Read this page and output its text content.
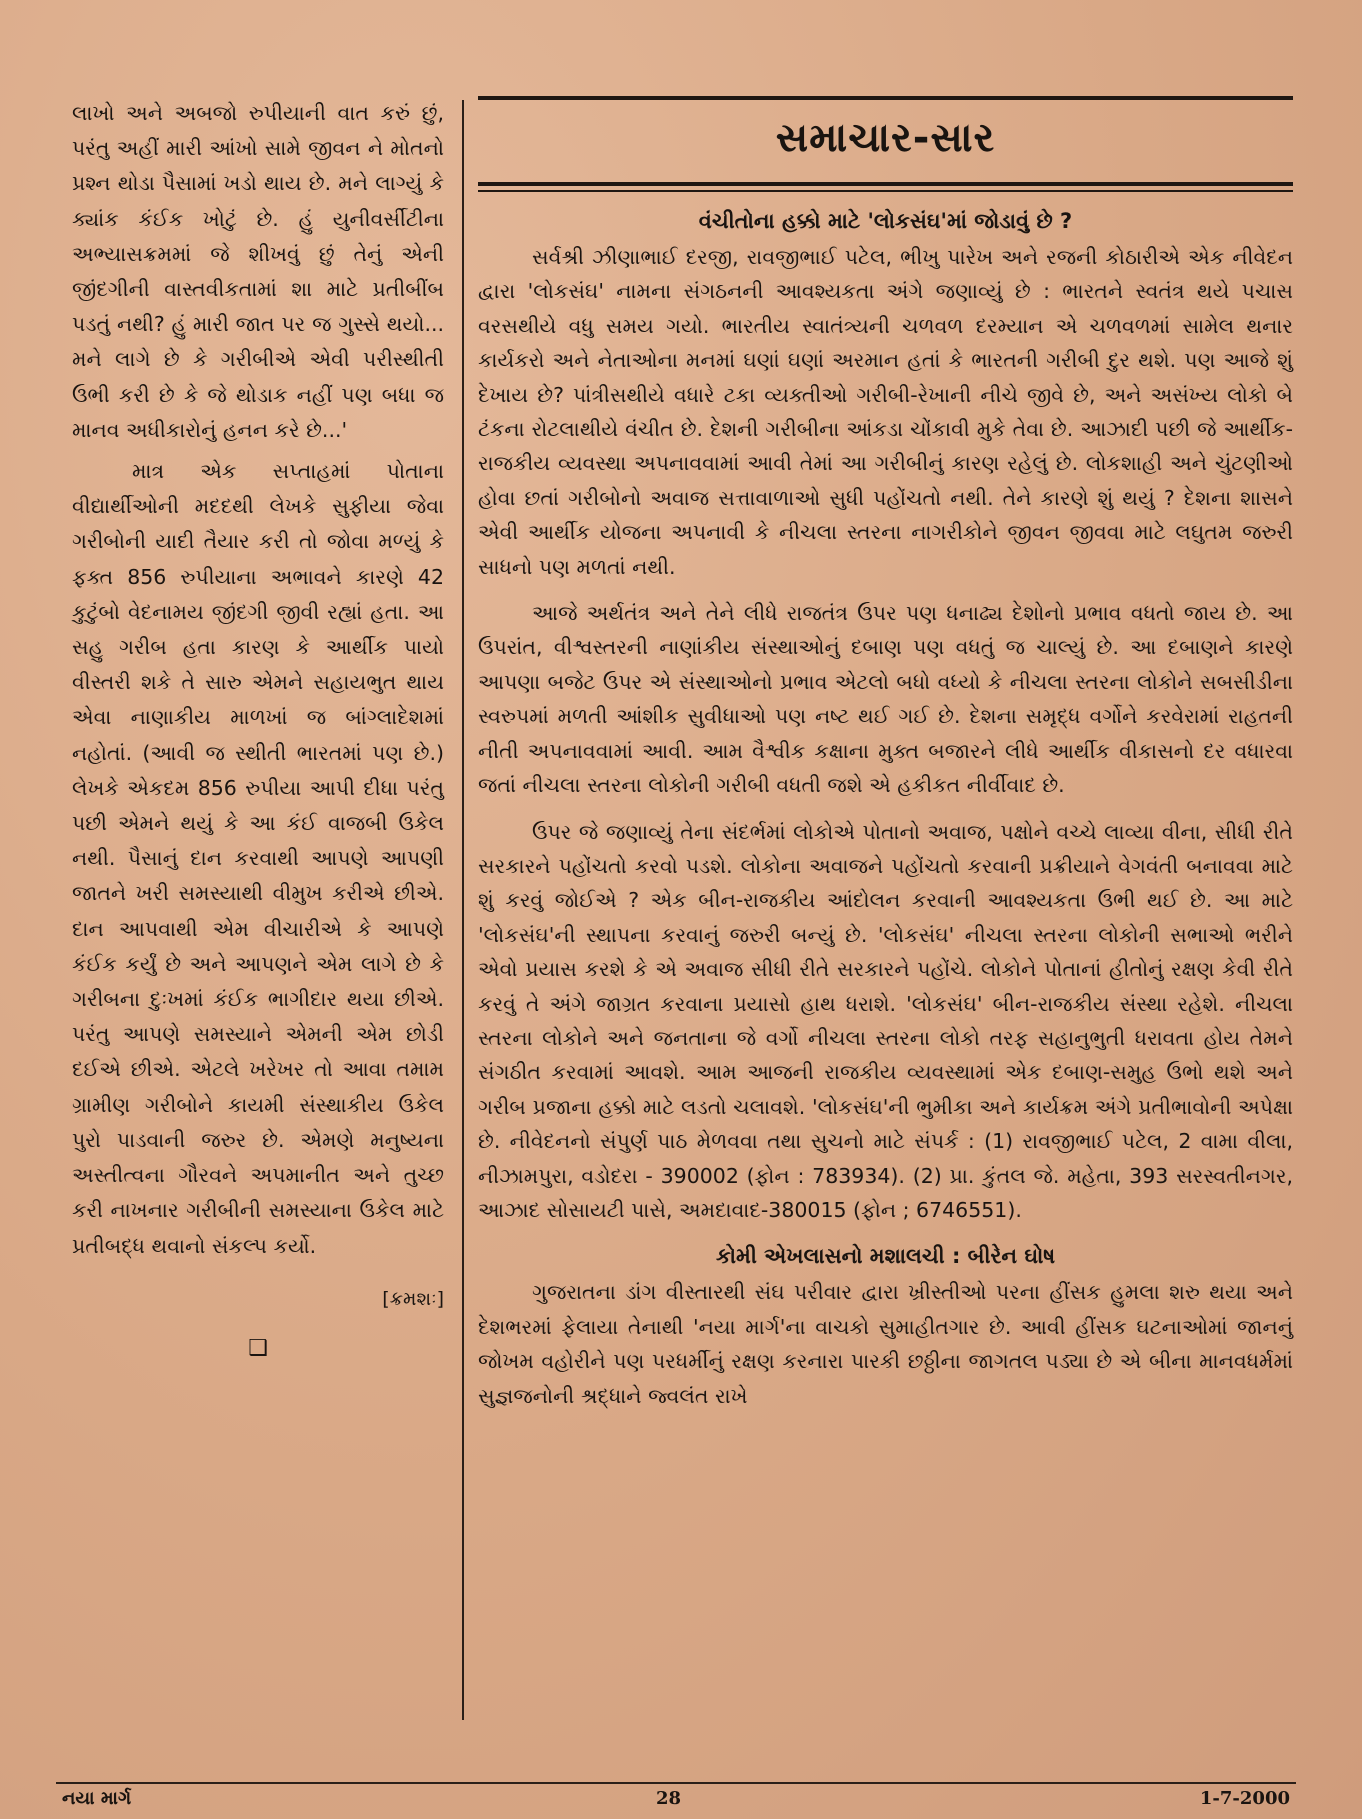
લાખો અને અબજો રુપીયાની વાત કરું છું, પરંતુ અહીં મારી આંખો સામે જીવન ને મોતનો પ્રશ્ન થોડા પૈસામાં ખડો થાય છે. મને લાગ્યું કે ક્યાંક કંઈક ખોટું છે. હું યુનીવર્સીટીના અભ્યાસક્રમમાં જે શીખવું છું તેનું એની જીંદગીની વાસ્તવીકતામાં શા માટે પ્રતીબીંબ પડતું નથી? હું મારી જાત પર જ ગુસ્સે થયો... મને લાગે છે કે ગરીબીએ એવી પરીસ્થીતી ઉભી કરી છે કે જે થોડાક નહીં પણ બધા જ માનવ અધીકારોનું હનન કરે છે...'

માત્ર એક સપ્તાહમાં પોતાના વીદ્યાર્થીઓની મદદથી લેખકે સુફીયા જેવા ગરીબોની યાદી તૈયાર કરી તો જોવા મળ્યું કે ફક્ત 856 રુપીયાના અભાવને કારણે 42 કુટુંબો વેદનામય જીંદગી જીવી રહ્યાં હતા. આ સહુ ગરીબ હતા કારણ કે આર્થીક પાયો વીસ્તરી શકે તે સારુ એમને સહાયભુત થાય એવા નાણાકીય માળખાં જ બાંગ્લાદેશમાં નહોતાં. (આવી જ સ્થીતી ભારતમાં પણ છે.) લેખકે એકદમ 856 રુપીયા આપી દીધા પરંતુ પછી એમને થયું કે આ કંઈ વાજબી ઉકેલ નથી. પૈસાનું દાન કરવાથી આપણે આપણી જાતને ખરી સમસ્યાથી વીમુખ કરીએ છીએ. દાન આપવાથી એમ વીચારીએ કે આપણે કંઈક કર્યું છે અને આપણને એમ લાગે છે કે ગરીબના દુઃખમાં કંઈક ભાગીદાર થયા છીએ. પરંતુ આપણે સમસ્યાને એમની એમ છોડી દઈએ છીએ. એટલે ખરેખર તો આવા તમામ ગ્રામીણ ગરીબોને કાયમી સંસ્થાકીય ઉકેલ પુરો પાડવાની જરુર છે. એમણે મનુષ્યના અસ્તીત્વના ગૌરવને અપમાનીત અને તુચ્છ કરી નાખનાર ગરીબીની સમસ્યાના ઉકેલ માટે પ્રતીબદ્ધ થવાનો સંકલ્પ કર્યો.

[ક્રમશઃ]
❑
સમાચાર-સાર
વંચીતોના હક્કો માટે 'લોકસંઘ'માં જોડાવું છે ?

સર્વશ્રી ઝીણાભાઈ દરજી, રાવજીભાઈ પટેલ, ભીખુ પારેખ અને રજની કોઠારીએ એક નીવેદન દ્વારા 'લોકસંઘ' નામના સંગઠનની આવશ્યકતા અંગે જણાવ્યું છે : ભારતને સ્વતંત્ર થયે પચાસ વરસથીયે વધુ સમય ગયો. ભારતીય સ્વાતંત્ર્યની ચળવળ દરમ્યાન એ ચળવળમાં સામેલ થનાર કાર્યકરો અને નેતાઓના મનમાં ઘણાં ઘણાં અરમાન હતાં કે ભારતની ગરીબી દુર થશે. પણ આજે શું દેખાય છે? પાંત્રીસથીયે વધારે ટકા વ્યક્તીઓ ગરીબી-રેખાની નીચે જીવે છે, અને અસંખ્ય લોકો બે ટંકના રોટલાથીયે વંચીત છે. દેશની ગરીબીના આંકડા ચોંકાવી મુકે તેવા છે. આઝાદી પછી જે આર્થીક-રાજકીય વ્યવસ્થા અપનાવવામાં આવી તેમાં આ ગરીબીનું કારણ રહેલું છે. લોકશાહી અને ચુંટણીઓ હોવા છતાં ગરીબોનો અવાજ સત્તાવાળાઓ સુધી પહોંચતો નથી. તેને કારણે શું થયું ? દેશના શાસને એવી આર્થીક યોજના અપનાવી કે નીચલા સ્તરના નાગરીકોને જીવન જીવવા માટે લઘુતમ જરુરી સાધનો પણ મળતાં નથી.

આજે અર્થતંત્ર અને તેને લીધે રાજતંત્ર ઉપર પણ ધનાઢ્ય દેશોનો પ્રભાવ વધતો જાય છે. આ ઉપરાંત, વીશ્વસ્તરની નાણાંકીય સંસ્થાઓનું દબાણ પણ વધતું જ ચાલ્યું છે. આ દબાણને કારણે આપણા બજેટ ઉપર એ સંસ્થાઓનો પ્રભાવ એટલો બધો વધ્યો કે નીચલા સ્તરના લોકોને સબસીડીના સ્વરુપમાં મળતી આંશીક સુવીધાઓ પણ નષ્ટ થઈ ગઈ છે. દેશના સમૃદ્ધ વર્ગોને કરવેરામાં રાહતની નીતી અપનાવવામાં આવી. આમ વૈશ્વીક કક્ષાના મુક્ત બજારને લીધે આર્થીક વીકાસનો દર વધારવા જતાં નીચલા સ્તરના લોકોની ગરીબી વધતી જશે એ હકીકત નીર્વીવાદ છે.

ઉપર જે જણાવ્યું તેના સંદર્ભમાં લોકોએ પોતાનો અવાજ, પક્ષોને વચ્ચે લાવ્યા વીના, સીધી રીતે સરકારને પહોંચતો કરવો પડશે. લોકોના અવાજને પહોંચતો કરવાની પ્રક્રીયાને વેગવંતી બનાવવા માટે શું કરવું જોઈએ ? એક બીન-રાજકીય આંદોલન કરવાની આવશ્યકતા ઉભી થઈ છે. આ માટે 'લોકસંઘ'ની સ્થાપના કરવાનું જરુરી બન્યું છે. 'લોકસંઘ' નીચલા સ્તરના લોકોની સભાઓ ભરીને એવો પ્રયાસ કરશે કે એ અવાજ સીધી રીતે સરકારને પહોંચે. લોકોને પોતાનાં હીતોનું રક્ષણ કેવી રીતે કરવું તે અંગે જાગ્રત કરવાના પ્રયાસો હાથ ધરાશે. 'લોકસંઘ' બીન-રાજકીય સંસ્થા રહેશે. નીચલા સ્તરના લોકોને અને જનતાના જે વર્ગો નીચલા સ્તરના લોકો તરફ સહાનુભુતી ધરાવતા હોય તેમને સંગઠીત કરવામાં આવશે. આમ આજની રાજકીય વ્યવસ્થામાં એક દબાણ-સમુહ ઉભો થશે અને ગરીબ પ્રજાના હક્કો માટે લડતો ચલાવશે. 'લોકસંઘ'ની ભુમીકા અને કાર્યક્રમ અંગે પ્રતીભાવોની અપેક્ષા છે. નીવેદનનો સંપુર્ણ પાઠ મેળવવા તથા સુચનો માટે સંપર્ક : (1) રાવજીભાઈ પટેલ, 2 વામા વીલા, નીઝામપુરા, વડોદરા - 390002 (ફોન : 783934). (2) પ્રા. કુંતલ જે. મહેતા, 393 સરસ્વતીનગર, આઝાદ સોસાયટી પાસે, અમદાવાદ-380015 (ફોન ; 6746551).

કોમી એખલાસનો મશાલચી : બીરેન ઘોષ

ગુજરાતના ડાંગ વીસ્તારથી સંઘ પરીવાર દ્વારા ખ્રીસ્તીઓ પરના હીંસક હુમલા શરુ થયા અને દેશભરમાં ફેલાયા તેનાથી 'નયા માર્ગ'ના વાચકો સુમાહીતગાર છે. આવી હીંસક ઘટનાઓમાં જાનનું જોખમ વહોરીને પણ પરધર્મીનું રક્ષણ કરનારા પારકી છઠ્ઠીના જાગતલ પડ્યા છે એ બીના માનવધર્મમાં સુજ્ઞજનોની શ્રદ્ધાને જ્વલંત રાખે

નયા માર્ગ	28	1-7-2000
